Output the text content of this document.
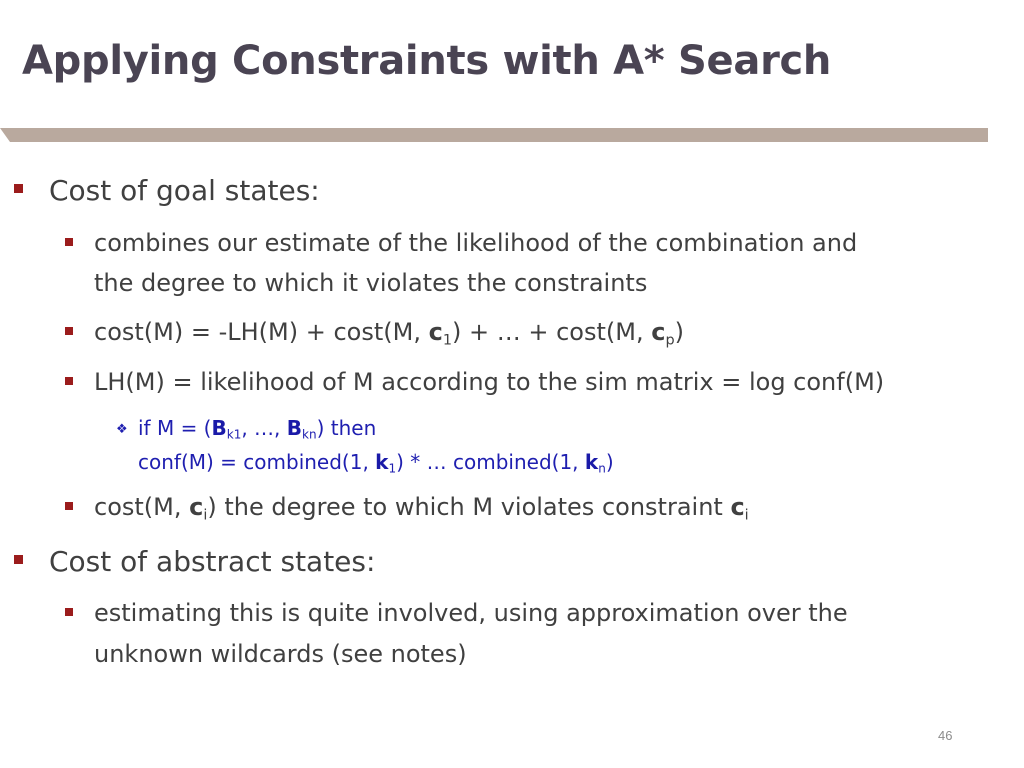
Applying Constraints with A* Search

Cost of goal states:

combines our estimate of the likelihood of the combination and

the degree to which it violates the constraints

cost(M) = -LH(M) + cost(M, $c_1$) + … + cost(M, $c_p$)

LH(M) = likelihood of M according to the sim matrix = log conf(M)

❖ if $M = (B_{k1}$, …, $B_{kn}$) then

conf(M) = combined(1, $k_1$) * … combined(1, $k_n$)

cost(M, $c_i$) the degree to which M violates constraint $c_i$

Cost of abstract states:

estimating this is quite involved, using approximation over the

unknown wildcards (see notes)

46
